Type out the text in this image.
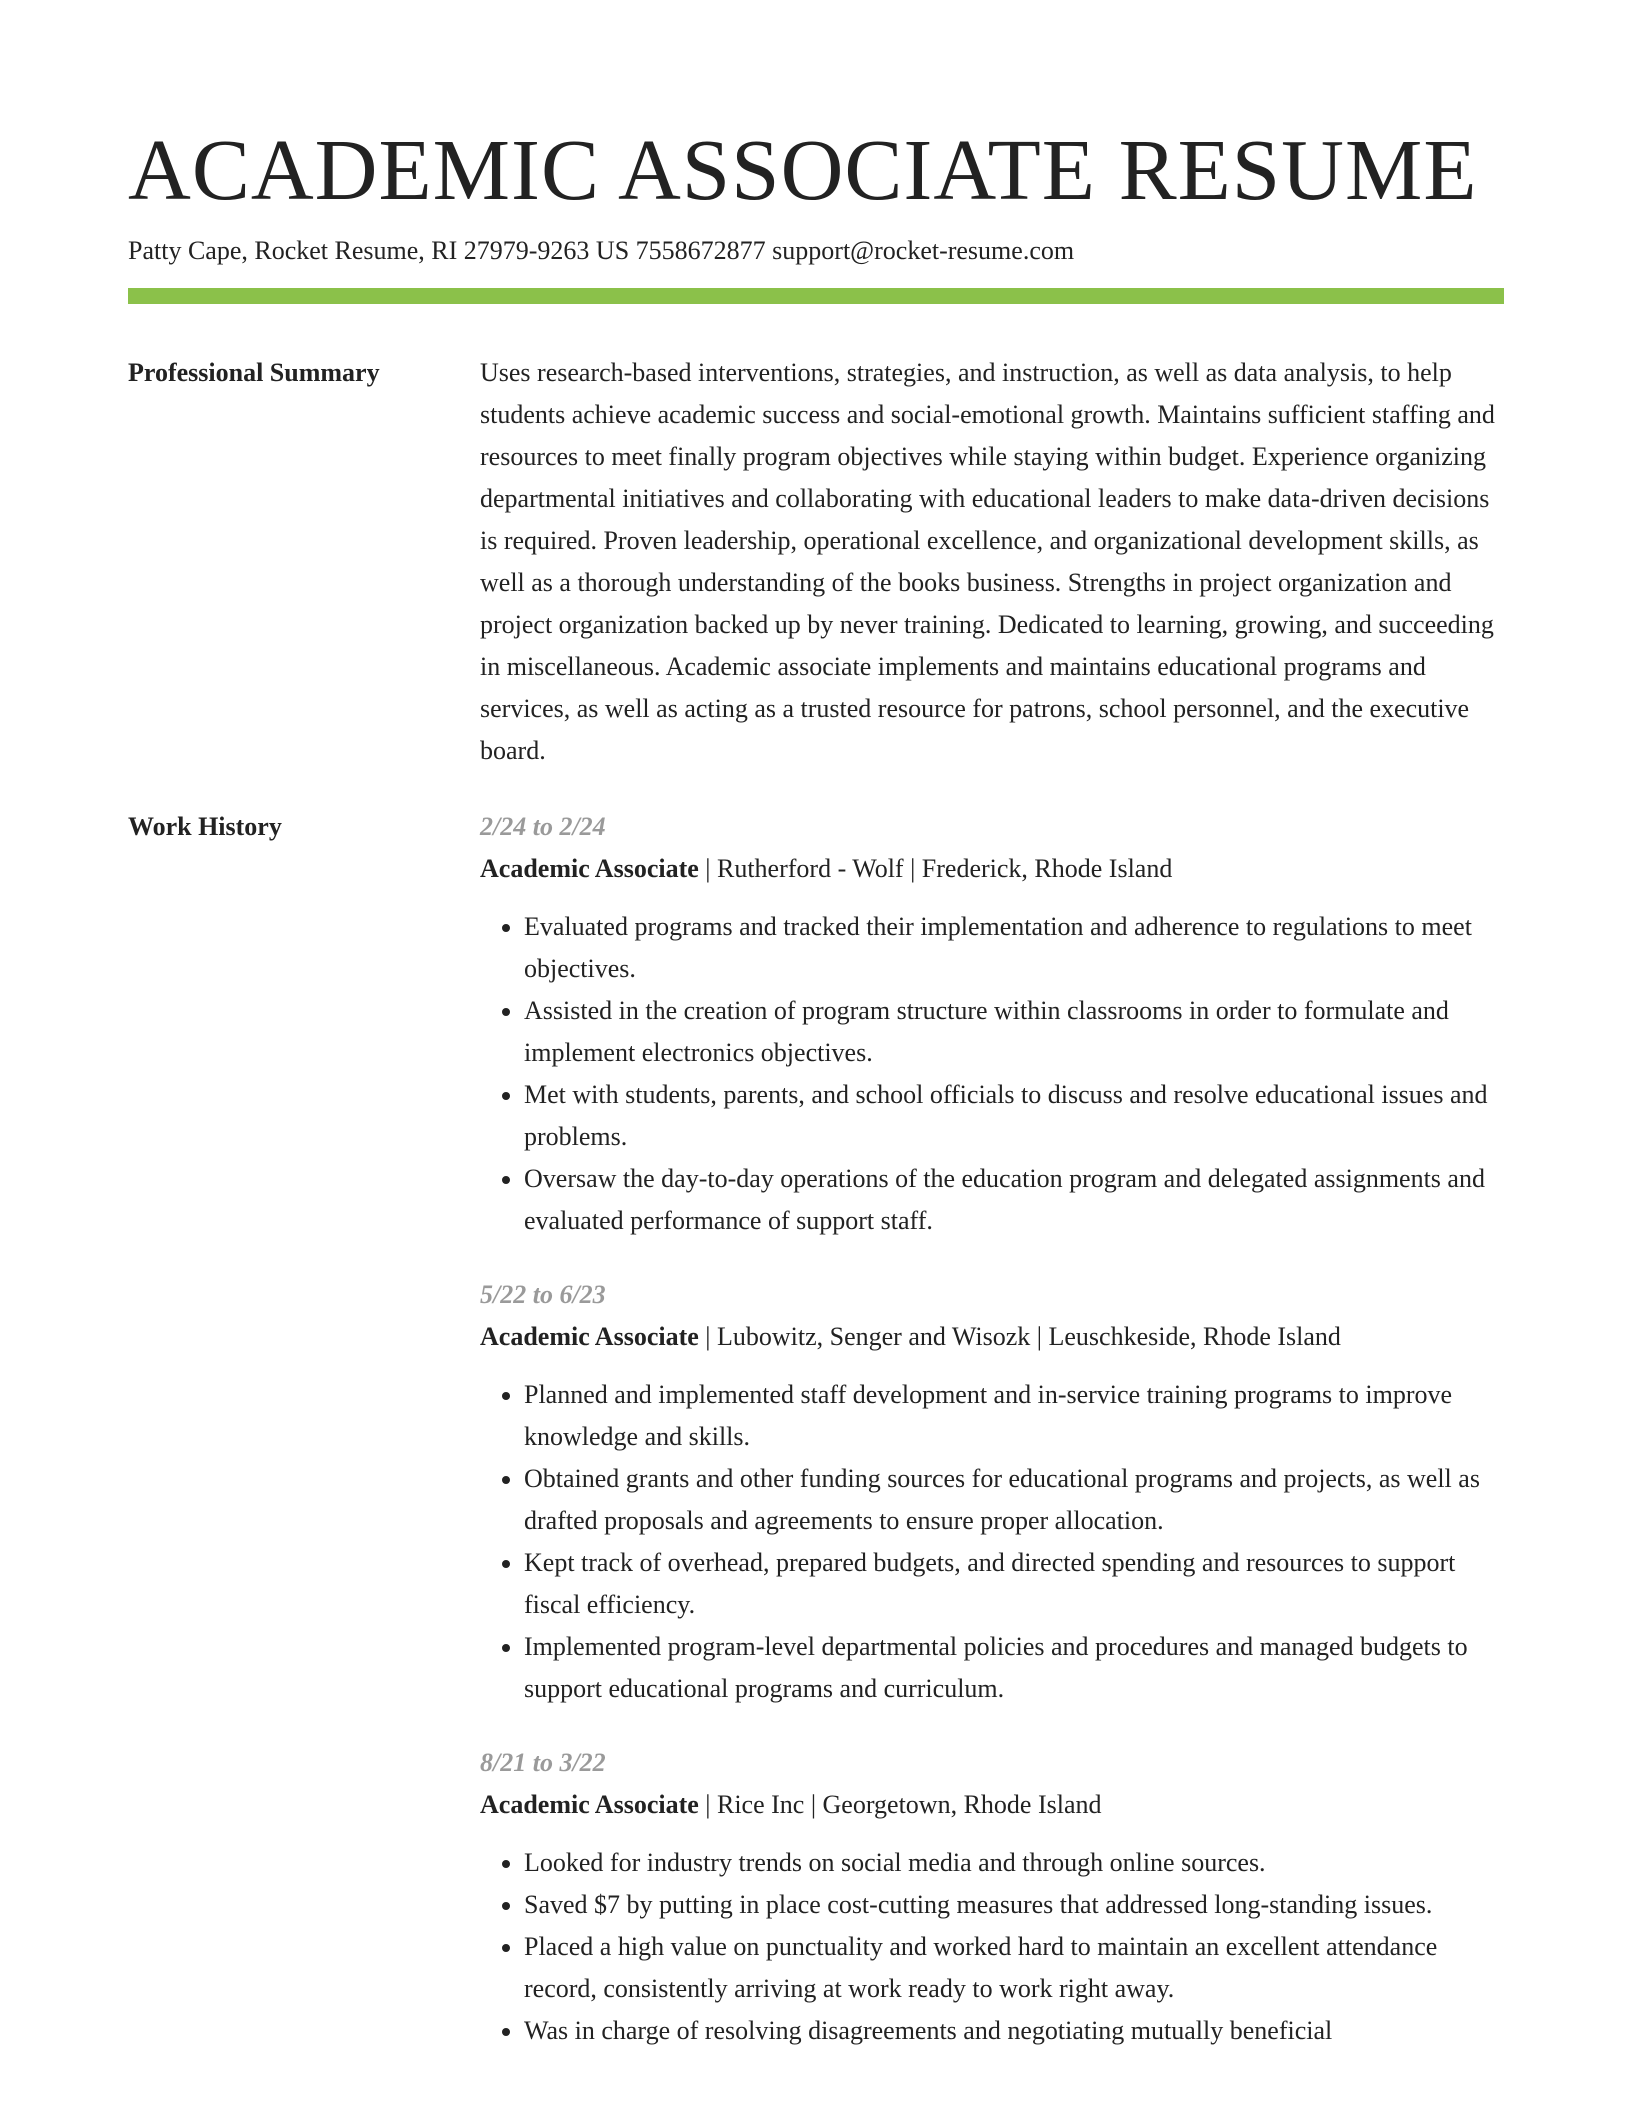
ACADEMIC ASSOCIATE RESUME
Patty Cape, Rocket Resume, RI 27979-9263 US 7558672877 support@rocket-resume.com
Professional Summary	Uses research-based interventions, strategies, and instruction, as well as data analysis, to help students achieve academic success and social-emotional growth. Maintains sufficient staffing and resources to meet finally program objectives while staying within budget. Experience organizing departmental initiatives and collaborating with educational leaders to make data-driven decisions is required. Proven leadership, operational excellence, and organizational development skills, as well as a thorough understanding of the books business. Strengths in project organization and project organization backed up by never training. Dedicated to learning, growing, and succeeding in miscellaneous. Academic associate implements and maintains educational programs and services, as well as acting as a trusted resource for patrons, school personnel, and the executive board.

Work History	2/24 to 2/24
Academic Associate | Rutherford - Wolf | Frederick, Rhode Island
• Evaluated programs and tracked their implementation and adherence to regulations to meet objectives.
• Assisted in the creation of program structure within classrooms in order to formulate and implement electronics objectives.
• Met with students, parents, and school officials to discuss and resolve educational issues and problems.
• Oversaw the day-to-day operations of the education program and delegated assignments and evaluated performance of support staff.
5/22 to 6/23
Academic Associate | Lubowitz, Senger and Wisozk | Leuschkeside, Rhode Island
• Planned and implemented staff development and in-service training programs to improve knowledge and skills.
• Obtained grants and other funding sources for educational programs and projects, as well as drafted proposals and agreements to ensure proper allocation.
• Kept track of overhead, prepared budgets, and directed spending and resources to support fiscal efficiency.
• Implemented program-level departmental policies and procedures and managed budgets to support educational programs and curriculum.
8/21 to 3/22
Academic Associate | Rice Inc | Georgetown, Rhode Island
• Looked for industry trends on social media and through online sources.
• Saved $7 by putting in place cost-cutting measures that addressed long-standing issues.
• Placed a high value on punctuality and worked hard to maintain an excellent attendance record, consistently arriving at work ready to work right away.
• Was in charge of resolving disagreements and negotiating mutually beneficial
